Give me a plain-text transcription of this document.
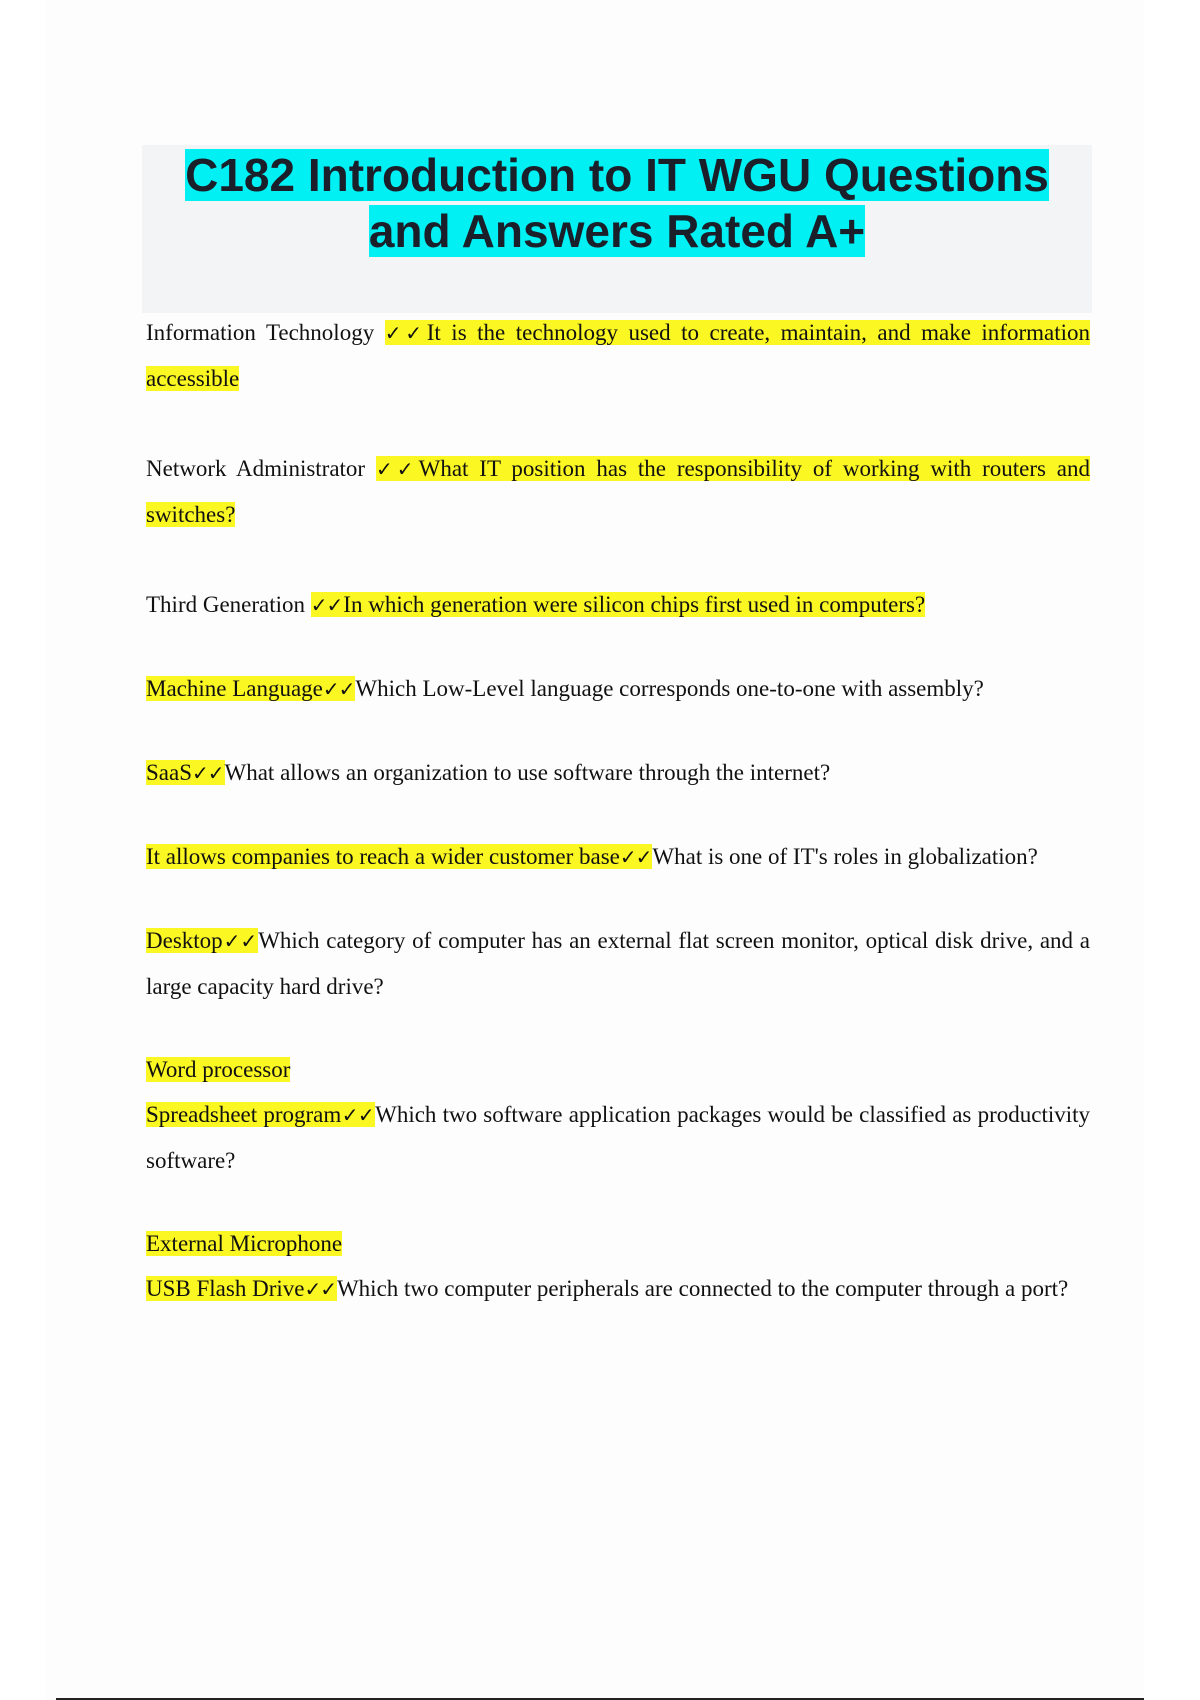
C182 Introduction to IT WGU Questions
and Answers Rated A+

Information Technology ✓✓It is the technology used to create, maintain, and make information accessible

Network Administrator ✓✓What IT position has the responsibility of working with routers and switches?

Third Generation ✓✓In which generation were silicon chips first used in computers?

Machine Language✓✓Which Low-Level language corresponds one-to-one with assembly?

SaaS✓✓What allows an organization to use software through the internet?

It allows companies to reach a wider customer base✓✓What is one of IT's roles in globalization?

Desktop✓✓Which category of computer has an external flat screen monitor, optical disk drive, and a large capacity hard drive?

Word processor
Spreadsheet program✓✓Which two software application packages would be classified as productivity software?

External Microphone
USB Flash Drive✓✓Which two computer peripherals are connected to the computer through a port?
